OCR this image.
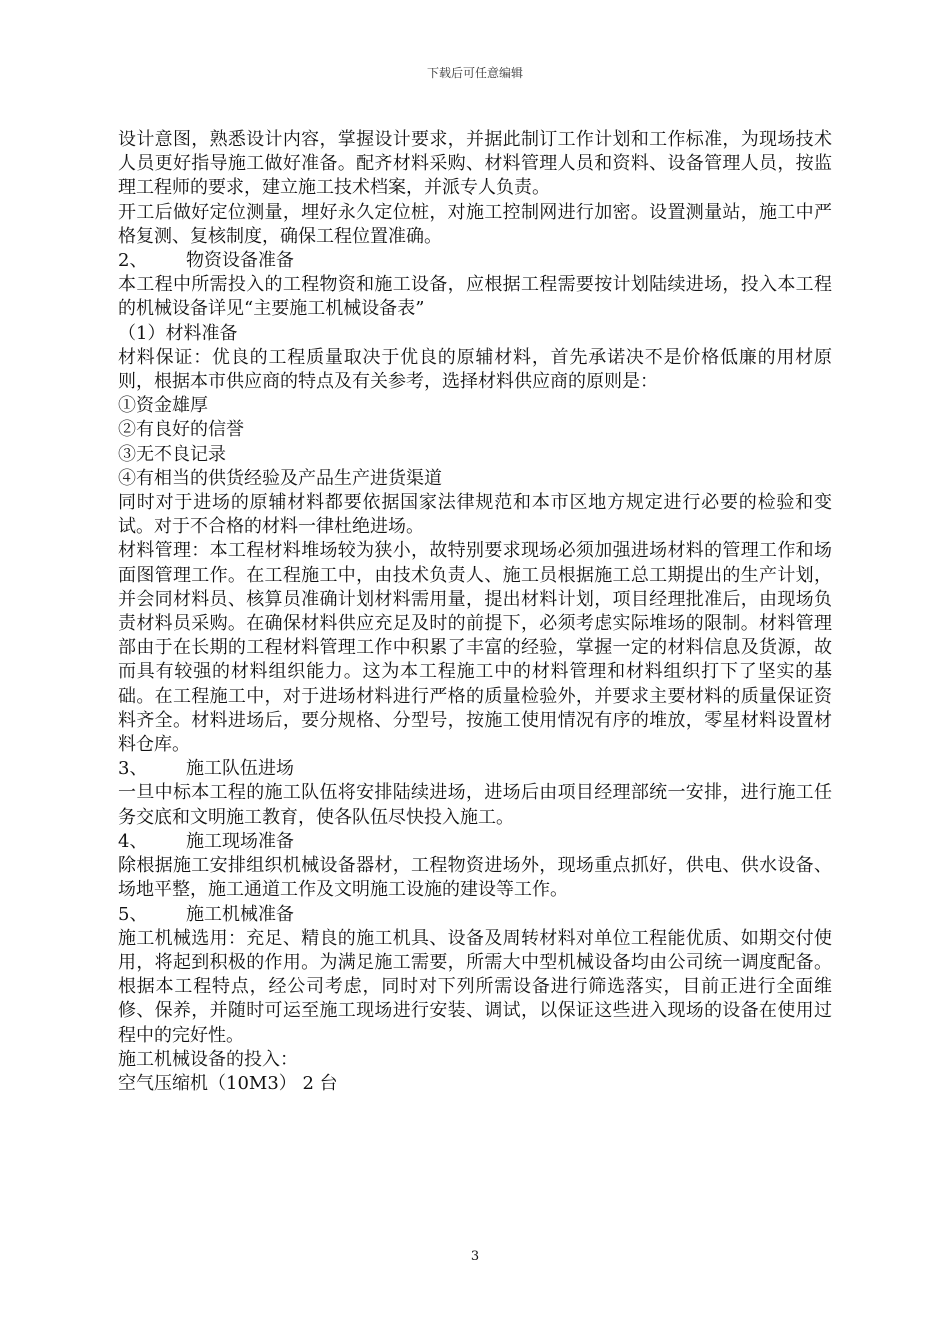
下载后可任意编辑

设计意图，熟悉设计内容，掌握设计要求，并据此制订工作计划和工作标准，为现场技术人员更好指导施工做好准备。配齐材料采购、材料管理人员和资料、设备管理人员，按监理工程师的要求，建立施工技术档案，并派专人负责。

开工后做好定位测量，埋好永久定位桩，对施工控制网进行加密。设置测量站，施工中严格复测、复核制度，确保工程位置准确。

2、 物资设备准备

本工程中所需投入的工程物资和施工设备，应根据工程需要按计划陆续进场，投入本工程的机械设备详见“主要施工机械设备表”

（1）材料准备

材料保证：优良的工程质量取决于优良的原辅材料，首先承诺决不是价格低廉的用材原则，根据本市供应商的特点及有关参考，选择材料供应商的原则是：

①资金雄厚

②有良好的信誉

③无不良记录

④有相当的供货经验及产品生产进货渠道

同时对于进场的原辅材料都要依据国家法律规范和本市区地方规定进行必要的检验和变试。对于不合格的材料一律杜绝进场。

材料管理：本工程材料堆场较为狭小，故特别要求现场必须加强进场材料的管理工作和场面图管理工作。在工程施工中，由技术负责人、施工员根据施工总工期提出的生产计划，并会同材料员、核算员准确计划材料需用量，提出材料计划，项目经理批准后，由现场负责材料员采购。在确保材料供应充足及时的前提下，必须考虑实际堆场的限制。材料管理部由于在长期的工程材料管理工作中积累了丰富的经验，掌握一定的材料信息及货源，故而具有较强的材料组织能力。这为本工程施工中的材料管理和材料组织打下了坚实的基础。在工程施工中，对于进场材料进行严格的质量检验外，并要求主要材料的质量保证资料齐全。材料进场后，要分规格、分型号，按施工使用情况有序的堆放，零星材料设置材料仓库。

3、 施工队伍进场

一旦中标本工程的施工队伍将安排陆续进场，进场后由项目经理部统一安排，进行施工任务交底和文明施工教育，使各队伍尽快投入施工。

4、 施工现场准备

除根据施工安排组织机械设备器材，工程物资进场外，现场重点抓好，供电、供水设备、场地平整，施工通道工作及文明施工设施的建设等工作。

5、 施工机械准备

施工机械选用：充足、精良的施工机具、设备及周转材料对单位工程能优质、如期交付使用，将起到积极的作用。为满足施工需要，所需大中型机械设备均由公司统一调度配备。根据本工程特点，经公司考虑，同时对下列所需设备进行筛选落实，目前正进行全面维修、保养，并随时可运至施工现场进行安装、调试，以保证这些进入现场的设备在使用过程中的完好性。

施工机械设备的投入：

空气压缩机（10M3） 2 台

3
